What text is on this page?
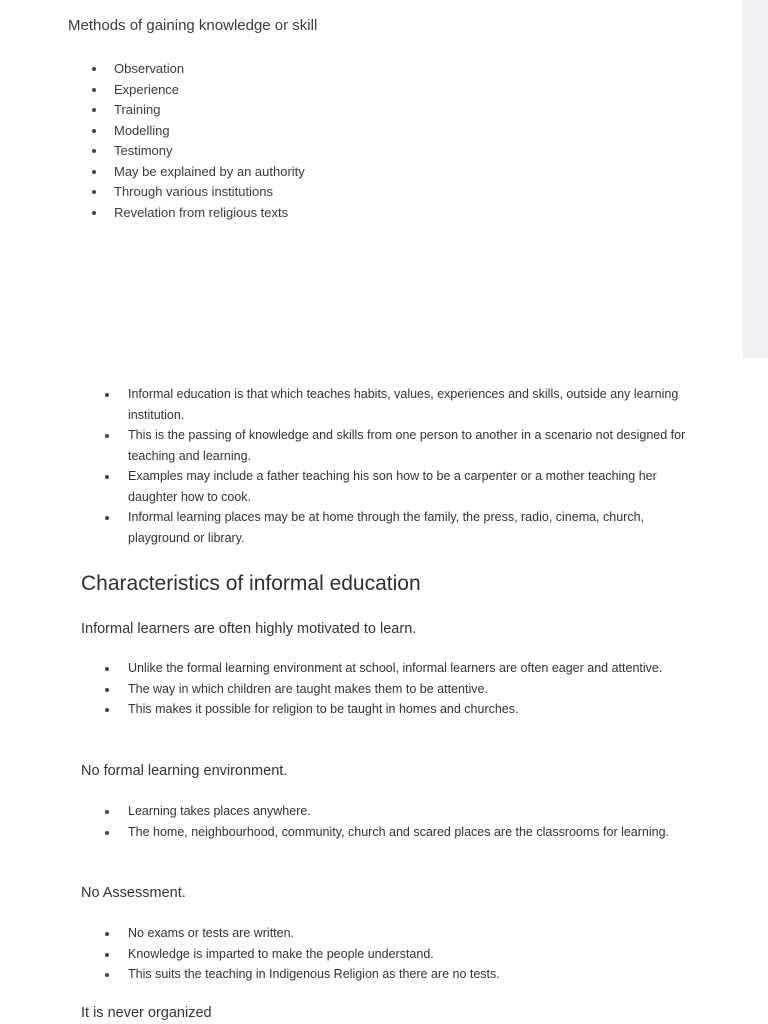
Methods of gaining knowledge or skill
Observation
Experience
Training
Modelling
Testimony
May be explained by an authority
Through various institutions
Revelation from religious texts
Informal education is that which teaches habits, values, experiences and skills, outside any learning institution.
This is the passing of knowledge and skills from one person to another in a scenario not designed for teaching and learning.
Examples may include a father teaching his son how to be a carpenter or a mother teaching her daughter how to cook.
Informal learning places may be at home through the family, the press, radio, cinema, church, playground or library.
Characteristics of informal education
Informal learners are often highly motivated to learn.
Unlike the formal learning environment at school, informal learners are often eager and attentive.
The way in which children are taught makes them to be attentive.
This makes it possible for religion to be taught in homes and churches.
No formal learning environment.
Learning takes places anywhere.
The home, neighbourhood, community, church and scared places are the classrooms for learning.
No Assessment.
No exams or tests are written.
Knowledge is imparted to make the people understand.
This suits the teaching in Indigenous Religion as there are no tests.
It is never organized
